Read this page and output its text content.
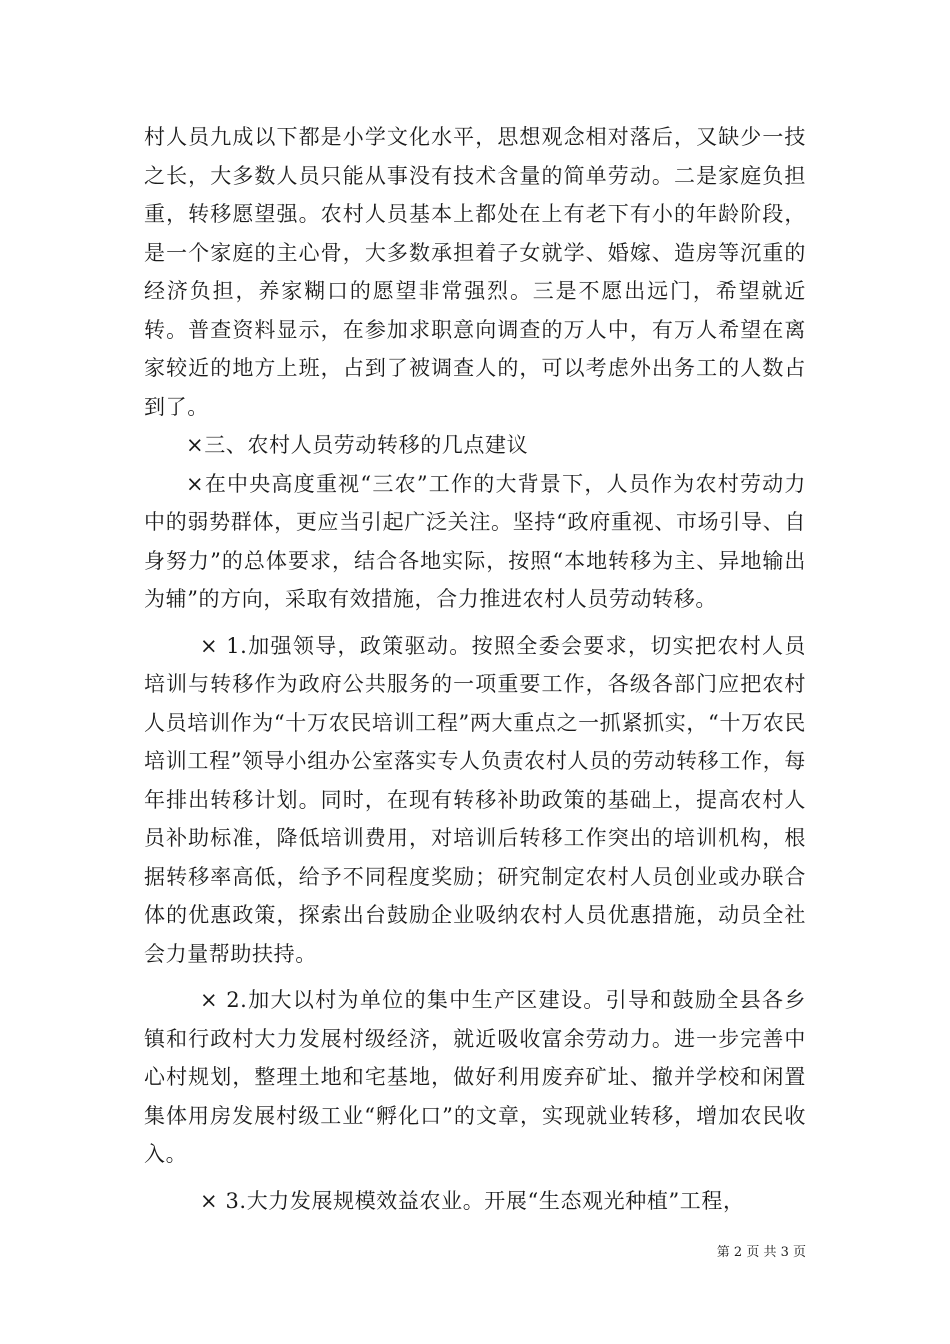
村人员九成以下都是小学文化水平，思想观念相对落后，又缺少一技之长，大多数人员只能从事没有技术含量的简单劳动。二是家庭负担重，转移愿望强。农村人员基本上都处在上有老下有小的年龄阶段，是一个家庭的主心骨，大多数承担着子女就学、婚嫁、造房等沉重的经济负担，养家糊口的愿望非常强烈。三是不愿出远门，希望就近转。普查资料显示，在参加求职意向调查的万人中，有万人希望在离家较近的地方上班，占到了被调查人的，可以考虑外出务工的人数占到了。

×三、农村人员劳动转移的几点建议

×在中央高度重视“三农”工作的大背景下，人员作为农村劳动力中的弱势群体，更应当引起广泛关注。坚持“政府重视、市场引导、自身努力”的总体要求，结合各地实际，按照“本地转移为主、异地输出为辅”的方向，采取有效措施，合力推进农村人员劳动转移。

× 1.加强领导，政策驱动。按照全委会要求，切实把农村人员培训与转移作为政府公共服务的一项重要工作，各级各部门应把农村人员培训作为“十万农民培训工程”两大重点之一抓紧抓实，“十万农民培训工程”领导小组办公室落实专人负责农村人员的劳动转移工作，每年排出转移计划。同时，在现有转移补助政策的基础上，提高农村人员补助标准，降低培训费用，对培训后转移工作突出的培训机构，根据转移率高低，给予不同程度奖励；研究制定农村人员创业或办联合体的优惠政策，探索出台鼓励企业吸纳农村人员优惠措施，动员全社会力量帮助扶持。

× 2.加大以村为单位的集中生产区建设。引导和鼓励全县各乡镇和行政村大力发展村级经济，就近吸收富余劳动力。进一步完善中心村规划，整理土地和宅基地，做好利用废弃矿址、撤并学校和闲置集体用房发展村级工业“孵化口”的文章，实现就业转移，增加农民收入。

× 3.大力发展规模效益农业。开展“生态观光种植”工程，

第 2 页 共 3 页
